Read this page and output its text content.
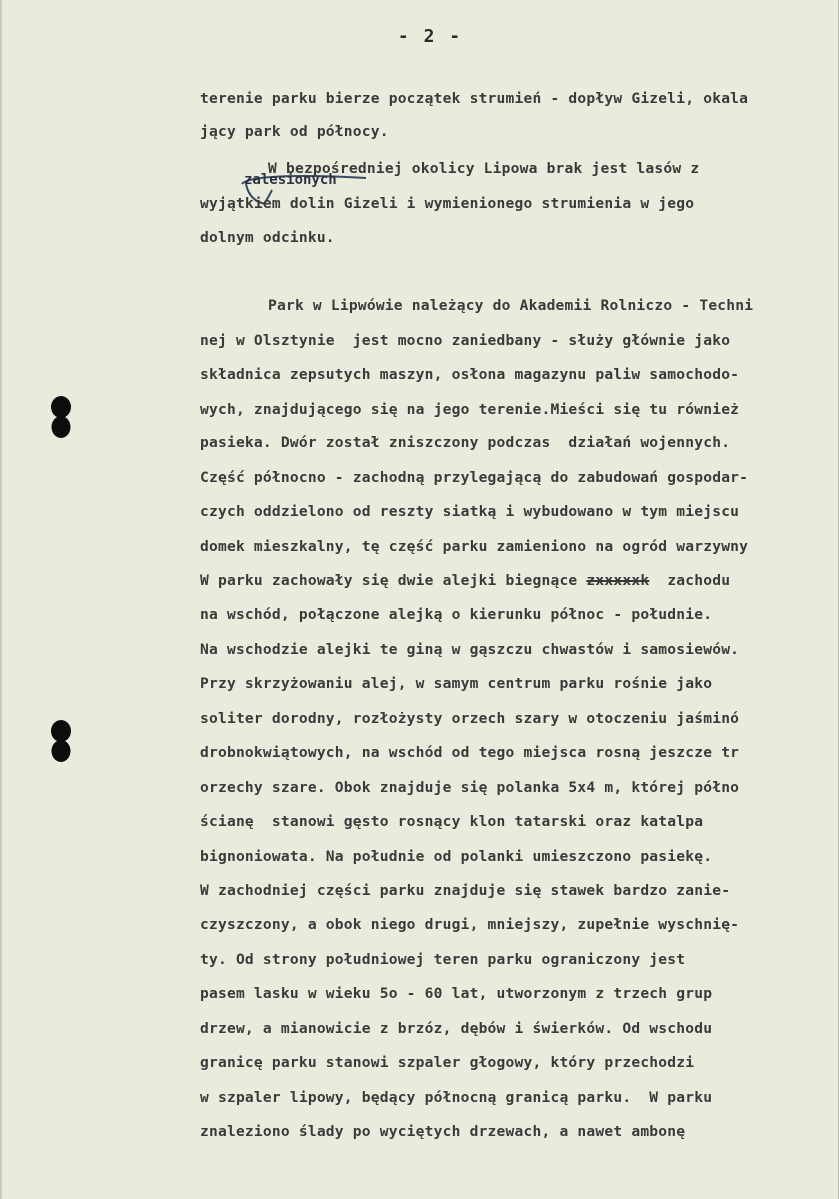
- 2 -
zalesionych
terenie parku bierze początek strumień - dopływ Gizeli, okala
jący park od północy.
W bezpośredniej okolicy Lipowa brak jest lasów z
wyjątkiem dolin Gizeli i wymienionego strumienia w jego
dolnym odcinku.
Park w Lipwówie należący do Akademii Rolniczo - Techni
nej w Olsztynie  jest mocno zaniedbany - służy głównie jako
składnica zepsutych maszyn, osłona magazynu paliw samochodo-
wych, znajdującego się na jego terenie.Mieści się tu również
pasieka. Dwór został zniszczony podczas  działań wojennych.
Część północno - zachodną przylegającą do zabudowań gospodar-
czych oddzielono od reszty siatką i wybudowano w tym miejscu
domek mieszkalny, tę część parku zamieniono na ogród warzywny
W parku zachowały się dwie alejki biegnące zxxxxxk zachodu
na wschód, połączone alejką o kierunku północ - południe.
Na wschodzie alejki te giną w gąszczu chwastów i samosiewów.
Przy skrzyżowaniu alej, w samym centrum parku rośnie jako
soliter dorodny, rozłożysty orzech szary w otoczeniu jaśminó
drobnokwiątowych, na wschód od tego miejsca rosną jeszcze tr
orzechy szare. Obok znajduje się polanka 5x4 m, której półno
ścianę  stanowi gęsto rosnący klon tatarski oraz katalpa
bignoniowata. Na południe od polanki umieszczono pasiekę.
W zachodniej części parku znajduje się stawek bardzo zanie-
czyszczony, a obok niego drugi, mniejszy, zupełnie wyschnię-
ty. Od strony południowej teren parku ograniczony jest
pasem lasku w wieku 5o - 60 lat, utworzonym z trzech grup
drzew, a mianowicie z brzóz, dębów i świerków. Od wschodu
granicę parku stanowi szpaler głogowy, który przechodzi
w szpaler lipowy, będący północną granicą parku.  W parku
znaleziono ślady po wyciętych drzewach, a nawet ambonę
